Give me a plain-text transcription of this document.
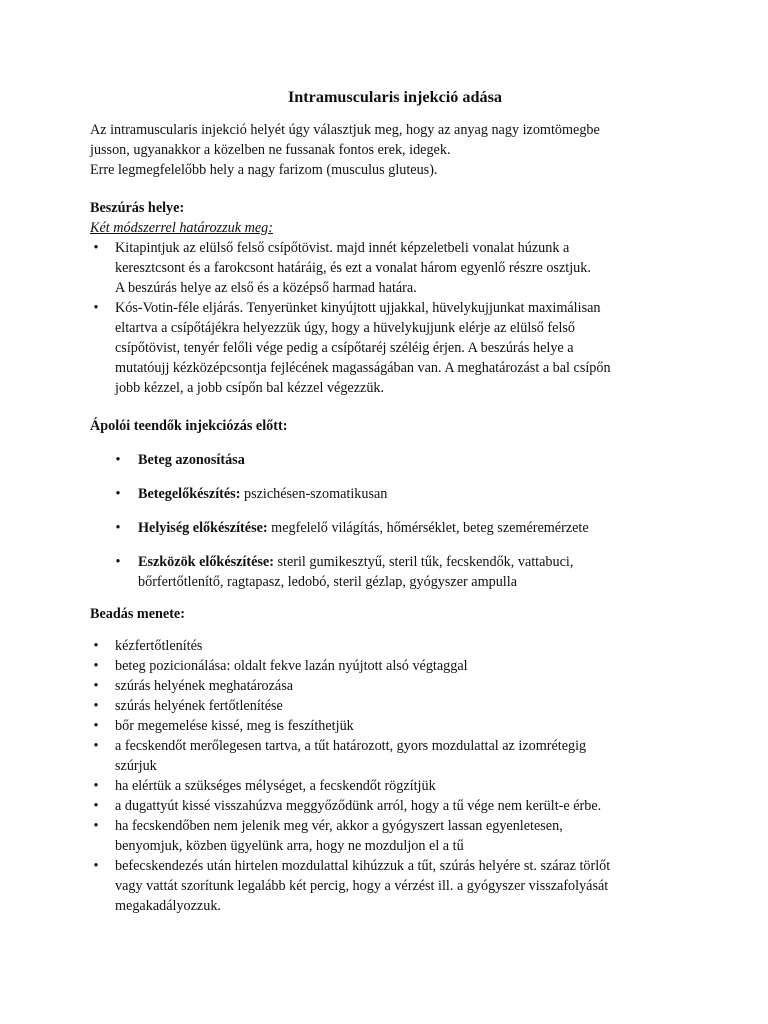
Intramuscularis injekció adása

Az intramuscularis injekció helyét úgy választjuk meg, hogy az anyag nagy izomtömegbe
jusson, ugyanakkor a közelben ne fussanak fontos erek, idegek.
Erre legmegfelelőbb hely a nagy farizom (musculus gluteus).

Beszúrás helye:

Két módszerrel határozzuk meg:

• Kitapintjuk az elülső felső csípőtövist. majd innét képzeletbeli vonalat húzunk a
keresztcsont és a farokcsont határáig, és ezt a vonalat három egyenlő részre osztjuk.
A beszúrás helye az első és a középső harmad határa.
• Kós-Votin-féle eljárás. Tenyerünket kinyújtott ujjakkal, hüvelykujjunkat maximálisan
eltartva a csípőtájékra helyezzük úgy, hogy a hüvelykujjunk elérje az elülső felső
csípőtövist, tenyér felőli vége pedig a csípőtaréj széléig érjen. A beszúrás helye a
mutatóujj kézközépcsontja fejlécének magasságában van. A meghatározást a bal csípőn
jobb kézzel, a jobb csípőn bal kézzel végezzük.

Ápolói teendők injekciózás előtt:

• Beteg azonosítása
• Betegelőkészítés: pszichésen-szomatikusan
• Helyiség előkészítése: megfelelő világítás, hőmérséklet, beteg szeméremérzete
• Eszközök előkészítése: steril gumikesztyű, steril tűk, fecskendők, vattabuci,
bőrfertőtlenítő, ragtapasz, ledobó, steril gézlap, gyógyszer ampulla

Beadás menete:

• kézfertőtlenítés
• beteg pozicionálása: oldalt fekve lazán nyújtott alsó végtaggal
• szúrás helyének meghatározása
• szúrás helyének fertőtlenítése
• bőr megemelése kissé, meg is feszíthetjük
• a fecskendőt merőlegesen tartva, a tűt határozott, gyors mozdulattal az izomrétegig
szúrjuk
• ha elértük a szükséges mélységet, a fecskendőt rögzítjük
• a dugattyút kissé visszahúzva meggyőződünk arról, hogy a tű vége nem került-e érbe.
• ha fecskendőben nem jelenik meg vér, akkor a gyógyszert lassan egyenletesen,
benyomjuk, közben ügyelünk arra, hogy ne mozduljon el a tű
• befecskendezés után hirtelen mozdulattal kihúzzuk a tűt, szúrás helyére st. száraz törlőt
vagy vattát szorítunk legalább két percig, hogy a vérzést ill. a gyógyszer visszafolyását
megakadályozzuk.
